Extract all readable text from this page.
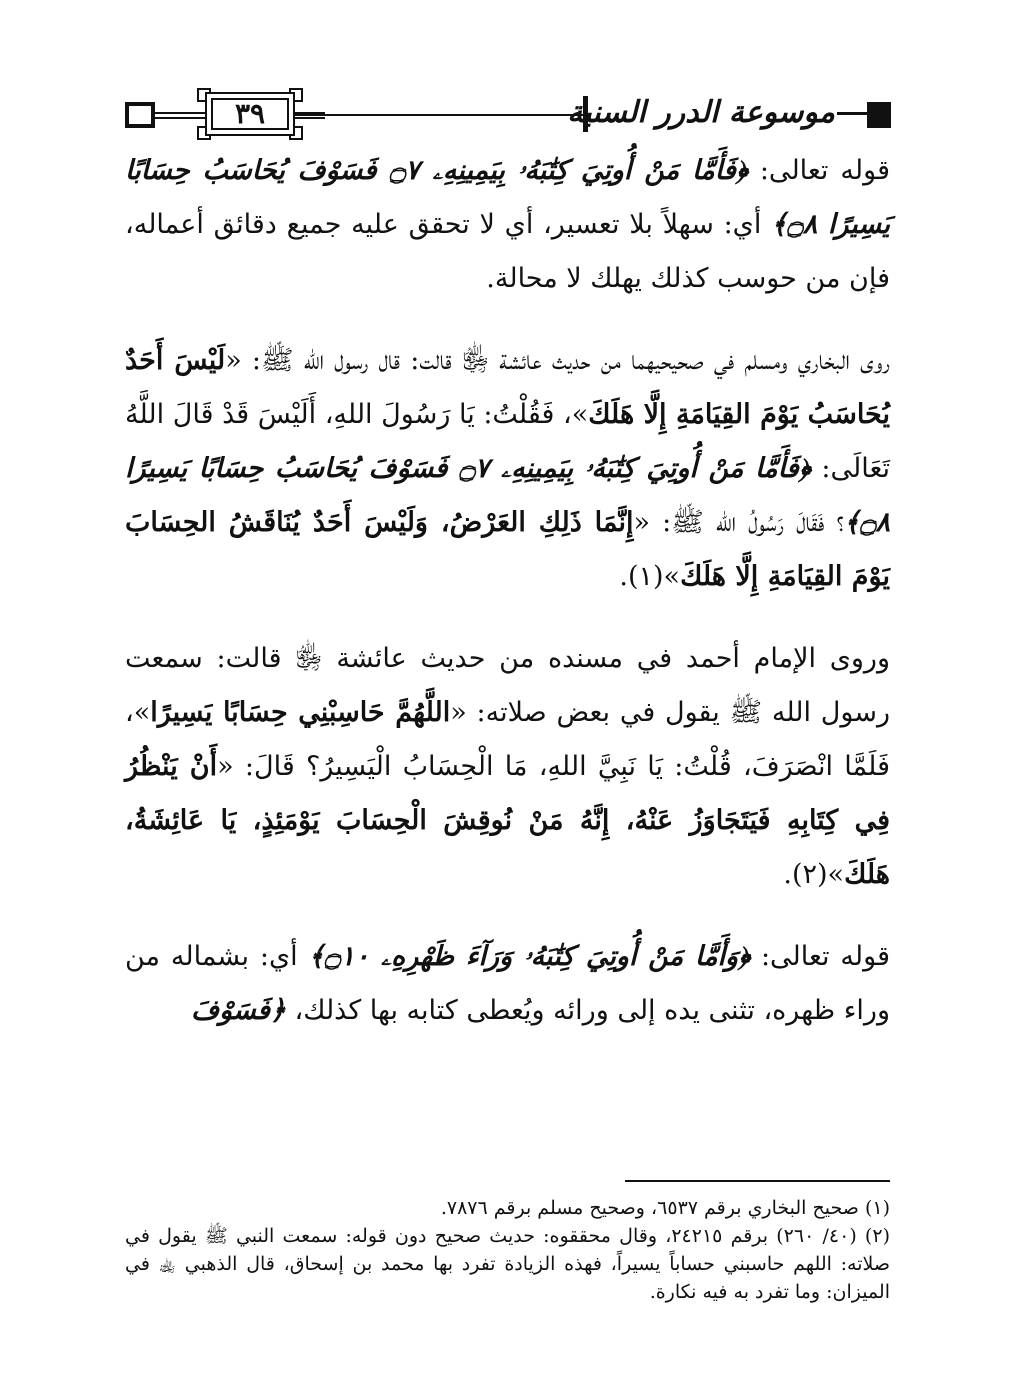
٣٩	موسوعة الدرر السنية

قوله تعالى: ﴿فَأَمَّا مَنْ أُوتِيَ كِتَٰبَهُۥ بِيَمِينِهِۦ ۝٧ فَسَوْفَ يُحَاسَبُ حِسَابًا يَسِيرًا ۝٨﴾ أي: سهلاً بلا تعسير، أي لا تحقق عليه جميع دقائق أعماله، فإن من حوسب كذلك يهلك لا محالة.

روى البخاري ومسلم في صحيحيهما من حديث عائشة ﵂ قالت: قال رسول الله ﷺ: «لَيْسَ أَحَدٌ يُحَاسَبُ يَوْمَ القِيَامَةِ إِلَّا هَلَكَ»، فَقُلْتُ: يَا رَسُولَ اللهِ، أَلَيْسَ قَدْ قَالَ اللَّهُ تَعَالَى: ﴿فَأَمَّا مَنْ أُوتِيَ كِتَٰبَهُۥ بِيَمِينِهِۦ ۝٧ فَسَوْفَ يُحَاسَبُ حِسَابًا يَسِيرًا ۝٨﴾؟ فَقَالَ رَسُولُ الله ﷺ: «إِنَّمَا ذَلِكِ العَرْضُ، وَلَيْسَ أَحَدٌ يُنَاقَشُ الحِسَابَ يَوْمَ القِيَامَةِ إِلَّا هَلَكَ»(١).

وروى الإمام أحمد في مسنده من حديث عائشة ﵂ قالت: سمعت رسول الله ﷺ يقول في بعض صلاته: «اللَّهُمَّ حَاسِبْنِي حِسَابًا يَسِيرًا»، فَلَمَّا انْصَرَفَ، قُلْتُ: يَا نَبِيَّ اللهِ، مَا الْحِسَابُ الْيَسِيرُ؟ قَالَ: «أَنْ يَنْظُرُ فِي كِتَابِهِ فَيَتَجَاوَزُ عَنْهُ، إِنَّهُ مَنْ نُوقِشَ الْحِسَابَ يَوْمَئِذٍ، يَا عَائِشَةُ، هَلَكَ»(٢).

قوله تعالى: ﴿وَأَمَّا مَنْ أُوتِيَ كِتَٰبَهُۥ وَرَآءَ ظَهْرِهِۦ ۝١٠﴾ أي: بشماله من وراء ظهره، تثنى يده إلى ورائه ويُعطى كتابه بها كذلك، ﴿فَسَوْفَ

(١) صحيح البخاري برقم ٦٥٣٧، وصحيح مسلم برقم ٧٨٧٦.

(٢) (٤٠/ ٢٦٠) برقم ٢٤٢١٥، وقال محققوه: حديث صحيح دون قوله: سمعت النبي ﷺ يقول في صلاته: اللهم حاسبني حساباً يسيراً، فهذه الزيادة تفرد بها محمد بن إسحاق، قال الذهبي ﵀ في الميزان: وما تفرد به فيه نكارة.
